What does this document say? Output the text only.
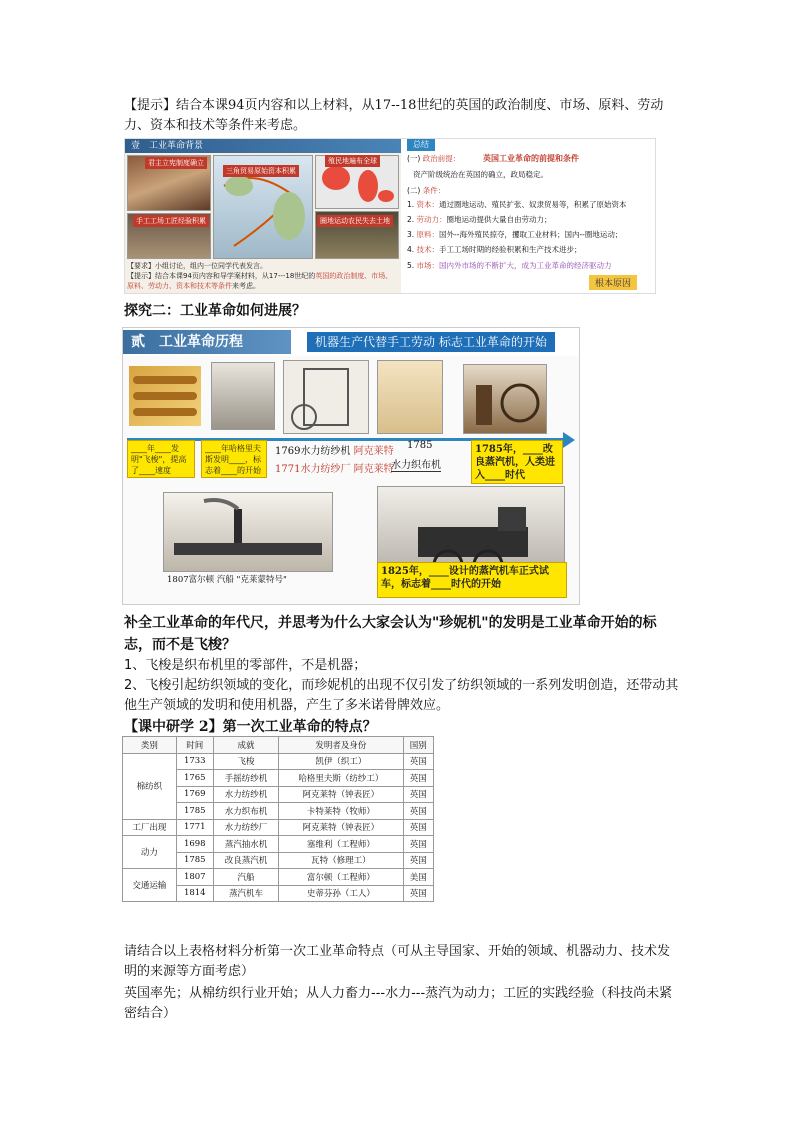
【提示】结合本课94页内容和以上材料，从17--18世纪的英国的政治制度、市场、原料、劳动力、资本和技术等条件来考虑。
壹　工业革命背景
君主立宪制度确立
三角贸易原始资本积累
殖民地遍布全球
手工工场工匠经验积累	圈地运动农民失去土地
【要求】小组讨论，组内一位同学代表发言。
【提示】结合本课94页内容和导学案材料，从17---18世纪的英国的政治制度、市场、原料、劳动力、资本和技术等条件来考虑。
总结
英国工业革命的前提和条件
(一) 政治前提：
资产阶级统治在英国的确立，政局稳定。
(二) 条件：
1. 资本：通过圈地运动、殖民扩张、奴隶贸易等，积累了原始资本
2. 劳动力：圈地运动提供大量自由劳动力；
3. 原料：国外--海外殖民掠夺，攫取工业材料；国内--圈地运动；
4. 技术：手工工场时期的经验积累和生产技术进步；
5. 市场：国内外市场的不断扩大，成为工业革命的经济驱动力
根本原因
探究二：工业革命如何进展？
贰　工业革命历程	机器生产代替手工劳动 标志工业革命的开始
____年____发明"飞梭"，提高了____速度
____年哈格里夫斯发明____，标志着____的开始
1769水力纺纱机 阿克莱特
1771水力纺纱厂 阿克莱特
1785
水力织布机
1785年，____改良蒸汽机，人类进入____时代
1807富尔顿 汽船 "克莱蒙特号"
1825年，____设计的蒸汽机车正式试车，标志着____时代的开始
补全工业革命的年代尺，并思考为什么大家会认为"珍妮机"的发明是工业革命开始的标志，而不是飞梭？
1、飞梭是织布机里的零部件，不是机器；
2、飞梭引起纺织领域的变化，而珍妮机的出现不仅引发了纺织领域的一系列发明创造，还带动其他生产领域的发明和使用机器，产生了多米诺骨牌效应。
【课中研学 2】第一次工业革命的特点？
类别	时间	成就	发明者及身份	国别
棉纺织	1733	飞梭	凯伊（织工）	英国
	1765	手摇纺纱机	哈格里夫斯（纺纱工）	英国
	1769	水力纺纱机	阿克莱特（钟表匠）	英国
	1785	水力织布机	卡特莱特（牧师）	英国
工厂出现	1771	水力纺纱厂	阿克莱特（钟表匠）	英国
动力	1698	蒸汽抽水机	塞维利（工程师）	英国
	1785	改良蒸汽机	瓦特（修理工）	英国
交通运输	1807	汽船	富尔顿（工程师）	美国
	1814	蒸汽机车	史蒂芬孙（工人）	英国
请结合以上表格材料分析第一次工业革命特点（可从主导国家、开始的领域、机器动力、技术发明的来源等方面考虑）
英国率先；从棉纺织行业开始；从人力畜力---水力---蒸汽为动力；工匠的实践经验（科技尚未紧密结合）
